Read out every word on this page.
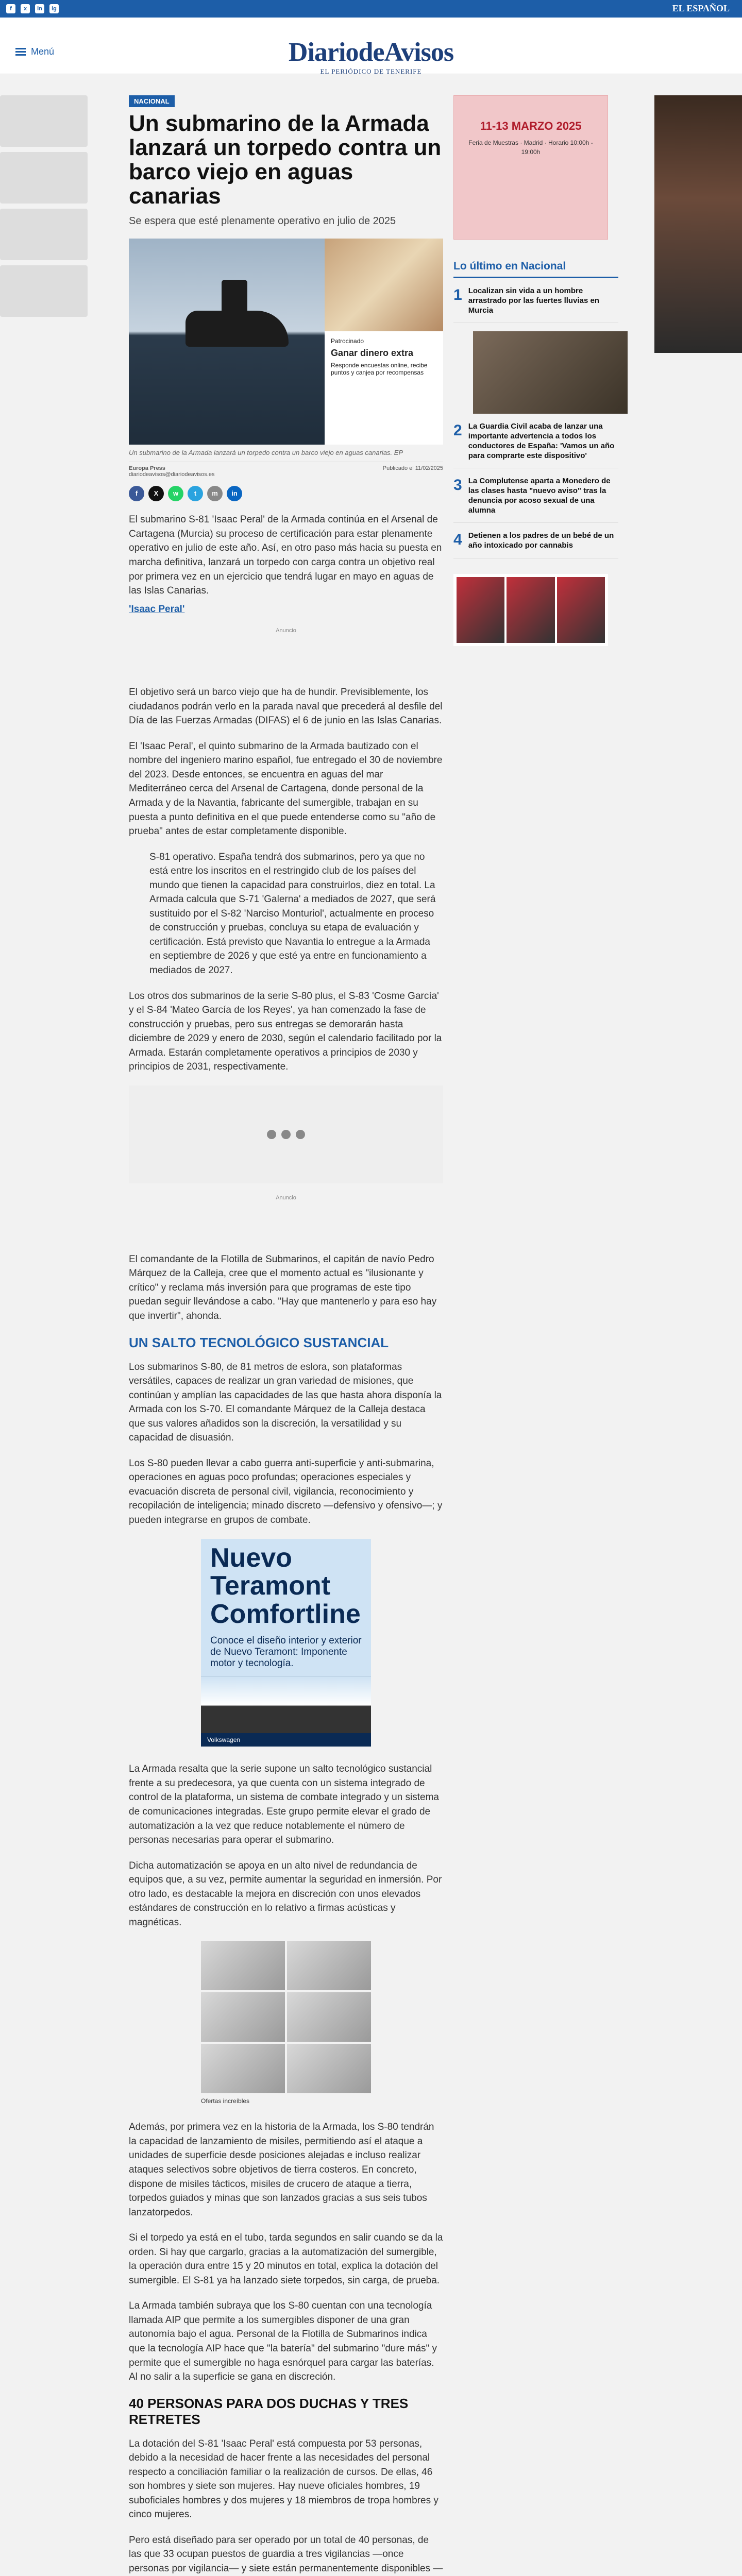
f	x	in	ig	EL ESPAÑOL
Menú	DiariodeAvisos
EL PERIÓDICO DE TENERIFE
NACIONAL
Un submarino de la Armada lanzará un torpedo contra un barco viejo en aguas canarias
Se espera que esté plenamente operativo en julio de 2025
Patrocinado
Ganar dinero extra
Responde encuestas online, recibe puntos y canjea por recompensas
Un submarino de la Armada lanzará un torpedo contra un barco viejo en aguas canarias. EP
Europa Press
diariodeavisos@diariodeavisos.es
Publicado el 11/02/2025
f	X	w	t	m	in

El submarino S-81 'Isaac Peral' de la Armada continúa en el Arsenal de Cartagena (Murcia) su proceso de certificación para estar plenamente operativo en julio de este año. Así, en otro paso más hacia su puesta en marcha definitiva, lanzará un torpedo con carga contra un objetivo real por primera vez en un ejercicio que tendrá lugar en mayo en aguas de las Islas Canarias.

'Isaac Peral'

Anuncio

El objetivo será un barco viejo que ha de hundir. Previsiblemente, los ciudadanos podrán verlo en la parada naval que precederá al desfile del Día de las Fuerzas Armadas (DIFAS) el 6 de junio en las Islas Canarias.

El 'Isaac Peral', el quinto submarino de la Armada bautizado con el nombre del ingeniero marino español, fue entregado el 30 de noviembre del 2023. Desde entonces, se encuentra en aguas del mar Mediterráneo cerca del Arsenal de Cartagena, donde personal de la Armada y de la Navantia, fabricante del sumergible, trabajan en su puesta a punto definitiva en el que puede entenderse como su "año de prueba" antes de estar completamente disponible.

S-81 operativo. España tendrá dos submarinos, pero ya que no está entre los inscritos en el restringido club de los países del mundo que tienen la capacidad para construirlos, diez en total. La Armada calcula que S-71 'Galerna' a mediados de 2027, que será sustituido por el S-82 'Narciso Monturiol', actualmente en proceso de construcción y pruebas, concluya su etapa de evaluación y certificación. Está previsto que Navantia lo entregue a la Armada en septiembre de 2026 y que esté ya entre en funcionamiento a mediados de 2027.

Los otros dos submarinos de la serie S-80 plus, el S-83 'Cosme García' y el S-84 'Mateo García de los Reyes', ya han comenzado la fase de construcción y pruebas, pero sus entregas se demorarán hasta diciembre de 2029 y enero de 2030, según el calendario facilitado por la Armada. Estarán completamente operativos a principios de 2030 y principios de 2031, respectivamente.

Anuncio

El comandante de la Flotilla de Submarinos, el capitán de navío Pedro Márquez de la Calleja, cree que el momento actual es "ilusionante y crítico" y reclama más inversión para que programas de este tipo puedan seguir llevándose a cabo. "Hay que mantenerlo y para eso hay que invertir", ahonda.

UN SALTO TECNOLÓGICO SUSTANCIAL

Los submarinos S-80, de 81 metros de eslora, son plataformas versátiles, capaces de realizar un gran variedad de misiones, que continúan y amplían las capacidades de las que hasta ahora disponía la Armada con los S-70. El comandante Márquez de la Calleja destaca que sus valores añadidos son la discreción, la versatilidad y su capacidad de disuasión.

Los S-80 pueden llevar a cabo guerra anti-superficie y anti-submarina, operaciones en aguas poco profundas; operaciones especiales y evacuación discreta de personal civil, vigilancia, reconocimiento y recopilación de inteligencia; minado discreto —defensivo y ofensivo—; y pueden integrarse en grupos de combate.

Nuevo Teramont Comfortline
Conoce el diseño interior y exterior de Nuevo Teramont: Imponente motor y tecnología.
Volkswagen

La Armada resalta que la serie supone un salto tecnológico sustancial frente a su predecesora, ya que cuenta con un sistema integrado de control de la plataforma, un sistema de combate integrado y un sistema de comunicaciones integradas. Este grupo permite elevar el grado de automatización a la vez que reduce notablemente el número de personas necesarias para operar el submarino.

Dicha automatización se apoya en un alto nivel de redundancia de equipos que, a su vez, permite aumentar la seguridad en inmersión. Por otro lado, es destacable la mejora en discreción con unos elevados estándares de construcción en lo relativo a firmas acústicas y magnéticas.

Ofertas increíbles

Además, por primera vez en la historia de la Armada, los S-80 tendrán la capacidad de lanzamiento de misiles, permitiendo así el ataque a unidades de superficie desde posiciones alejadas e incluso realizar ataques selectivos sobre objetivos de tierra costeros. En concreto, dispone de misiles tácticos, misiles de crucero de ataque a tierra, torpedos guiados y minas que son lanzados gracias a sus seis tubos lanzatorpedos.

Si el torpedo ya está en el tubo, tarda segundos en salir cuando se da la orden. Si hay que cargarlo, gracias a la automatización del sumergible, la operación dura entre 15 y 20 minutos en total, explica la dotación del sumergible. El S-81 ya ha lanzado siete torpedos, sin carga, de prueba.

La Armada también subraya que los S-80 cuentan con una tecnología llamada AIP que permite a los sumergibles disponer de una gran autonomía bajo el agua. Personal de la Flotilla de Submarinos indica que la tecnología AIP hace que "la batería" del submarino "dure más" y permite que el sumergible no haga esnórquel para cargar las baterías. Al no salir a la superficie se gana en discreción.

40 PERSONAS PARA DOS DUCHAS Y TRES RETRETES

La dotación del S-81 'Isaac Peral' está compuesta por 53 personas, debido a la necesidad de hacer frente a las necesidades del personal respecto a conciliación familiar o la realización de cursos. De ellas, 46 son hombres y siete son mujeres. Hay nueve oficiales hombres, 19 suboficiales hombres y dos mujeres y 18 miembros de tropa hombres y cinco mujeres.

Pero está diseñado para ser operado por un total de 40 personas, de las que 33 ocupan puestos de guardia a tres vigilancias —once personas por vigilancia— y siete están permanentemente disponibles —

11-13 MARZO 2025
Feria de Muestras · Madrid · Horario 10:00h - 19:00h
Lo último en Nacional
1 Localizan sin vida a un hombre arrastrado por las fuertes lluvias en Murcia
2 La Guardia Civil acaba de lanzar una importante advertencia a todos los conductores de España: 'Vamos un año para comprarte este dispositivo'
3 La Complutense aparta a Monedero de las clases hasta "nuevo aviso" tras la denuncia por acoso sexual de una alumna
4 Detienen a los padres de un bebé de un año intoxicado por cannabis
